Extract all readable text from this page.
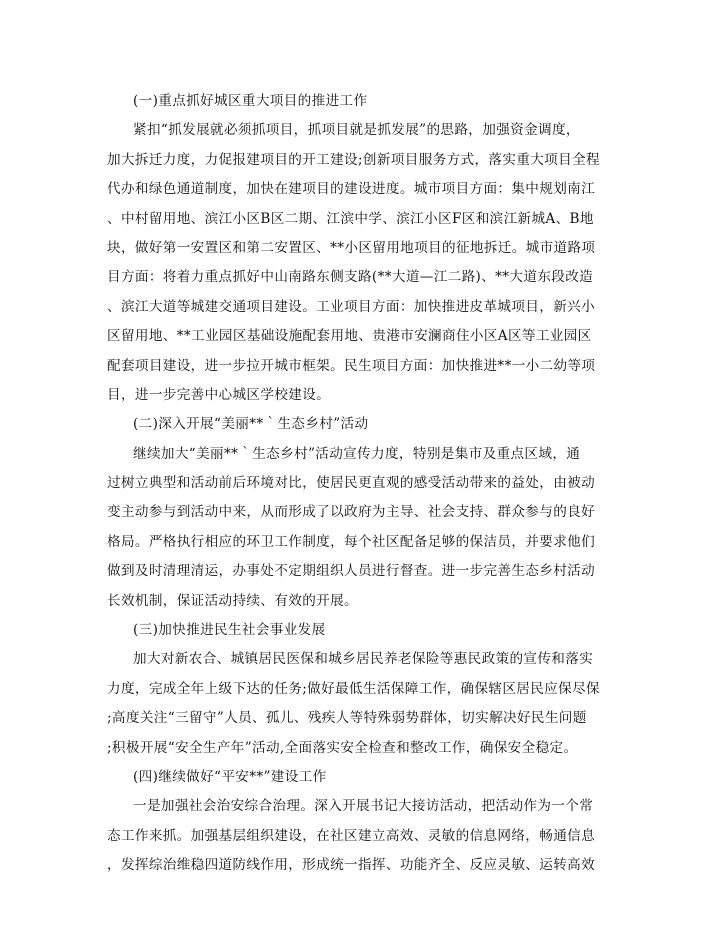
(一)重点抓好城区重大项目的推进工作
紧扣“抓发展就必须抓项目，抓项目就是抓发展”的思路，加强资金调度，
加大拆迁力度，力促报建项目的开工建设;创新项目服务方式，落实重大项目全程
代办和绿色通道制度，加快在建项目的建设进度。城市项目方面：集中规划南江
、中村留用地、滨江小区B区二期、江滨中学、滨江小区F区和滨江新城A、B地
块，做好第一安置区和第二安置区、**小区留用地项目的征地拆迁。城市道路项
目方面：将着力重点抓好中山南路东侧支路(**大道—江二路)、**大道东段改造
、滨江大道等城建交通项目建设。工业项目方面：加快推进皮革城项目，新兴小
区留用地、**工业园区基础设施配套用地、贵港市安澜商住小区A区等工业园区
配套项目建设，进一步拉开城市框架。民生项目方面：加快推进**一小二幼等项
目，进一步完善中心城区学校建设。
(二)深入开展“美丽**｀生态乡村”活动
继续加大“美丽**｀生态乡村”活动宣传力度，特别是集市及重点区域，通
过树立典型和活动前后环境对比，使居民更直观的感受活动带来的益处，由被动
变主动参与到活动中来，从而形成了以政府为主导、社会支持、群众参与的良好
格局。严格执行相应的环卫工作制度，每个社区配备足够的保洁员，并要求他们
做到及时清理清运，办事处不定期组织人员进行督查。进一步完善生态乡村活动
长效机制，保证活动持续、有效的开展。
(三)加快推进民生社会事业发展
加大对新农合、城镇居民医保和城乡居民养老保险等惠民政策的宣传和落实
力度，完成全年上级下达的任务;做好最低生活保障工作，确保辖区居民应保尽保
;高度关注“三留守”人员、孤儿、残疾人等特殊弱势群体，切实解决好民生问题
;积极开展“安全生产年”活动,全面落实安全检查和整改工作，确保安全稳定。
(四)继续做好“平安**”建设工作
一是加强社会治安综合治理。深入开展书记大接访活动，把活动作为一个常
态工作来抓。加强基层组织建设，在社区建立高效、灵敏的信息网络，畅通信息
，发挥综治维稳四道防线作用，形成统一指挥、功能齐全、反应灵敏、运转高效
